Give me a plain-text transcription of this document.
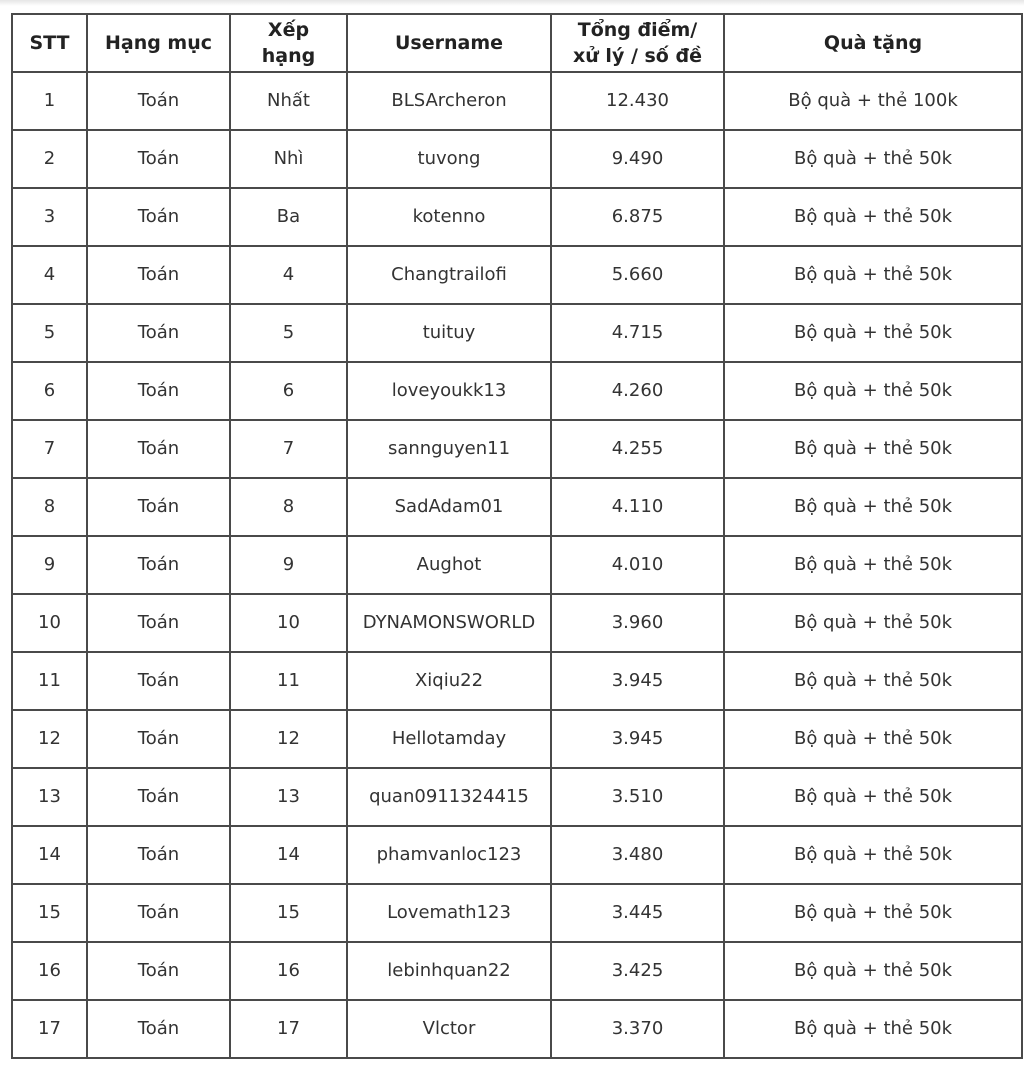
STT	Hạng mục	Xếp hạng	Username	Tổng điểm/ xử lý / số đề	Quà tặng
1	Toán	Nhất	BLSArcheron	12.430	Bộ quà + thẻ 100k
2	Toán	Nhì	tuvong	9.490	Bộ quà + thẻ 50k
3	Toán	Ba	kotenno	6.875	Bộ quà + thẻ 50k
4	Toán	4	Changtrailofi	5.660	Bộ quà + thẻ 50k
5	Toán	5	tuituy	4.715	Bộ quà + thẻ 50k
6	Toán	6	loveyoukk13	4.260	Bộ quà + thẻ 50k
7	Toán	7	sannguyen11	4.255	Bộ quà + thẻ 50k
8	Toán	8	SadAdam01	4.110	Bộ quà + thẻ 50k
9	Toán	9	Aughot	4.010	Bộ quà + thẻ 50k
10	Toán	10	DYNAMONSWORLD	3.960	Bộ quà + thẻ 50k
11	Toán	11	Xiqiu22	3.945	Bộ quà + thẻ 50k
12	Toán	12	Hellotamday	3.945	Bộ quà + thẻ 50k
13	Toán	13	quan0911324415	3.510	Bộ quà + thẻ 50k
14	Toán	14	phamvanloc123	3.480	Bộ quà + thẻ 50k
15	Toán	15	Lovemath123	3.445	Bộ quà + thẻ 50k
16	Toán	16	lebinhquan22	3.425	Bộ quà + thẻ 50k
17	Toán	17	Vlctor	3.370	Bộ quà + thẻ 50k
